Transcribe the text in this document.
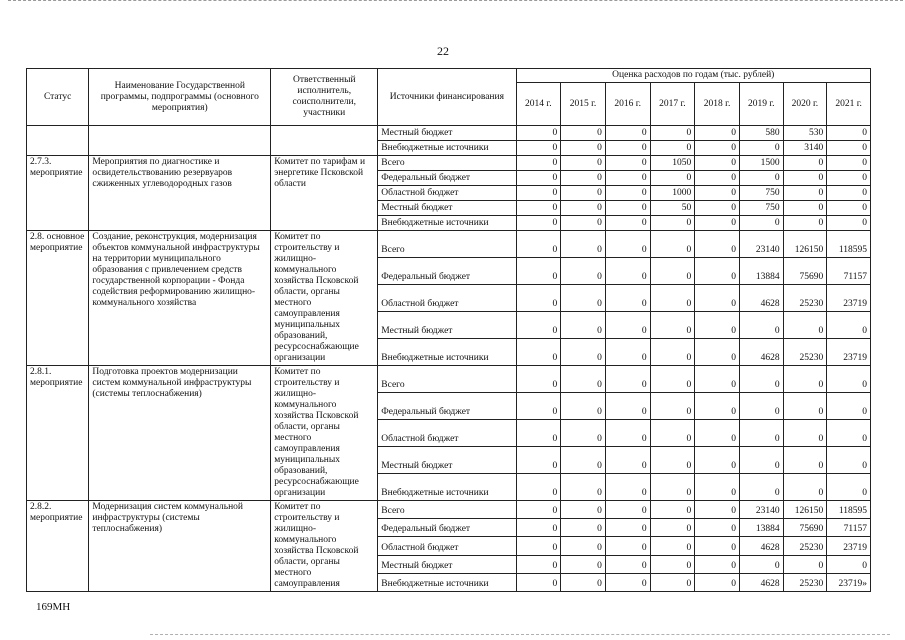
22
Статус	Наименование Государственной программы, подпрограммы (основного мероприятия)	Ответственный исполнитель, соисполнители, участники	Источники финансирования	Оценка расходов по годам (тыс. рублей)							
				2014 г.	2015 г.	2016 г.	2017 г.	2018 г.	2019 г.	2020 г.	2021 г.
			Местный бюджет	0	0	0	0	0	580	530	0
			Внебюджетные источники	0	0	0	0	0	0	3140	0
2.7.3. мероприятие	Мероприятия по диагностике и освидетельствованию резервуаров сжиженных углеводородных газов	Комитет по тарифам и энергетике Псковской области	Всего	0	0	0	1050	0	1500	0	0
			Федеральный бюджет	0	0	0	0	0	0	0	0
			Областной бюджет	0	0	0	1000	0	750	0	0
			Местный бюджет	0	0	0	50	0	750	0	0
			Внебюджетные источники	0	0	0	0	0	0	0	0
2.8. основное мероприятие	Создание, реконструкция, модернизация объектов коммунальной инфраструктуры на территории муниципального образования с привлечением средств государственной корпорации - Фонда содействия реформированию жилищно-коммунального хозяйства	Комитет по строительству и жилищно-коммунального хозяйства Псковской области, органы местного самоуправления муниципальных образований, ресурсоснабжающие организации	Всего	0	0	0	0	0	23140	126150	118595
			Федеральный бюджет	0	0	0	0	0	13884	75690	71157
			Областной бюджет	0	0	0	0	0	4628	25230	23719
			Местный бюджет	0	0	0	0	0	0	0	0
			Внебюджетные источники	0	0	0	0	0	4628	25230	23719
2.8.1. мероприятие	Подготовка проектов модернизации систем коммунальной инфраструктуры (системы теплоснабжения)	Комитет по строительству и жилищно-коммунального хозяйства Псковской области, органы местного самоуправления муниципальных образований, ресурсоснабжающие организации	Всего	0	0	0	0	0	0	0	0
			Федеральный бюджет	0	0	0	0	0	0	0	0
			Областной бюджет	0	0	0	0	0	0	0	0
			Местный бюджет	0	0	0	0	0	0	0	0
			Внебюджетные источники	0	0	0	0	0	0	0	0
2.8.2. мероприятие	Модернизация систем коммунальной инфраструктуры (системы теплоснабжения)	Комитет по строительству и жилищно-коммунального хозяйства Псковской области, органы местного самоуправления	Всего	0	0	0	0	0	23140	126150	118595
			Федеральный бюджет	0	0	0	0	0	13884	75690	71157
			Областной бюджет	0	0	0	0	0	4628	25230	23719
			Местный бюджет	0	0	0	0	0	0	0	0
			Внебюджетные источники	0	0	0	0	0	4628	25230	23719»
169МН
